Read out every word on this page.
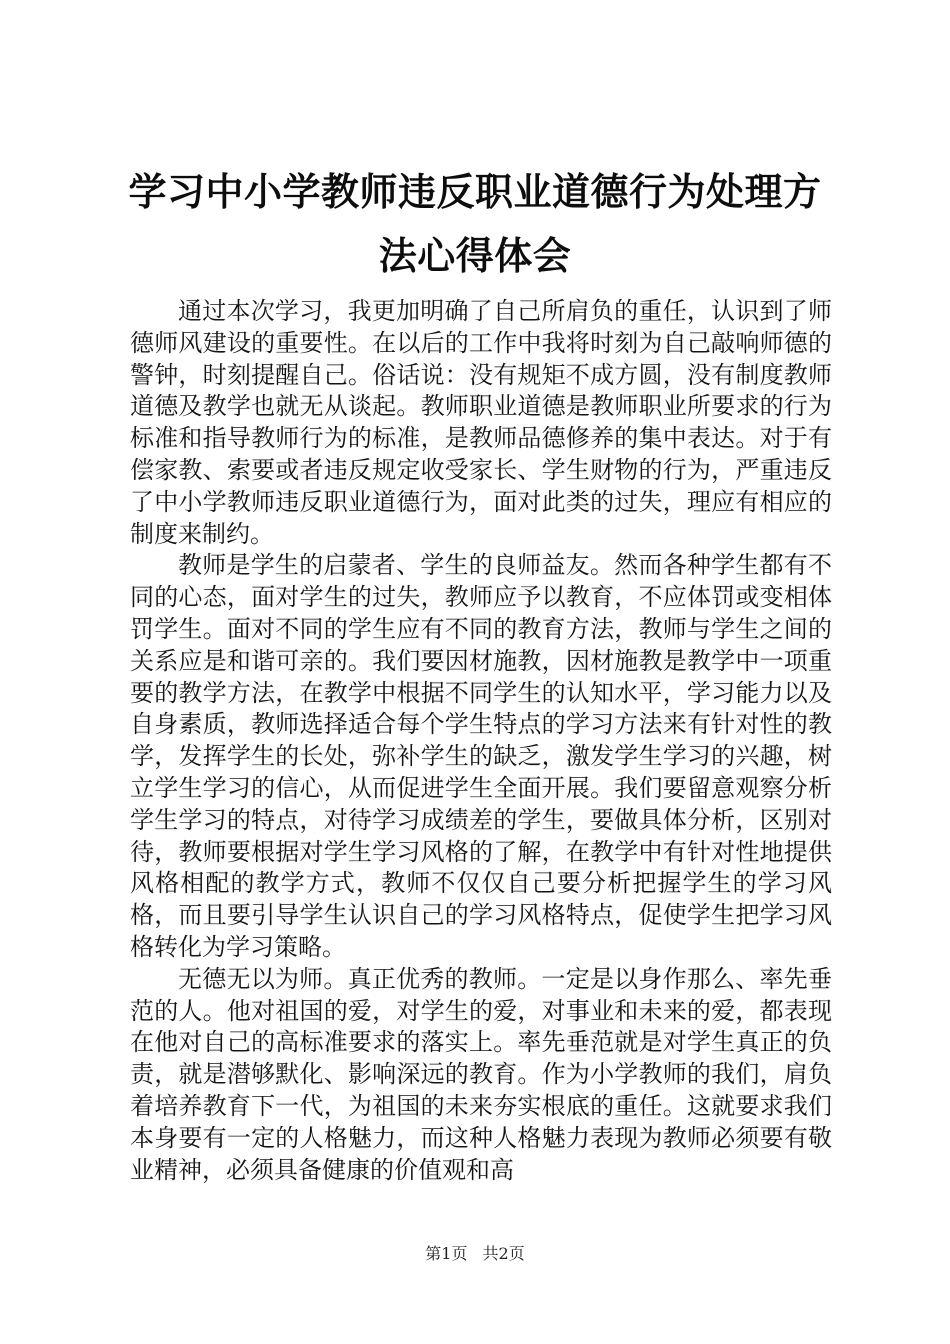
学习中小学教师违反职业道德行为处理方法心得体会

通过本次学习，我更加明确了自己所肩负的重任，认识到了师德师风建设的重要性。在以后的工作中我将时刻为自己敲响师德的警钟，时刻提醒自己。俗话说：没有规矩不成方圆，没有制度教师道德及教学也就无从谈起。教师职业道德是教师职业所要求的行为标准和指导教师行为的标准，是教师品德修养的集中表达。对于有偿家教、索要或者违反规定收受家长、学生财物的行为，严重违反了中小学教师违反职业道德行为，面对此类的过失，理应有相应的制度来制约。

教师是学生的启蒙者、学生的良师益友。然而各种学生都有不同的心态，面对学生的过失，教师应予以教育，不应体罚或变相体罚学生。面对不同的学生应有不同的教育方法，教师与学生之间的关系应是和谐可亲的。我们要因材施教，因材施教是教学中一项重要的教学方法，在教学中根据不同学生的认知水平，学习能力以及自身素质，教师选择适合每个学生特点的学习方法来有针对性的教学，发挥学生的长处，弥补学生的缺乏，激发学生学习的兴趣，树立学生学习的信心，从而促进学生全面开展。我们要留意观察分析学生学习的特点，对待学习成绩差的学生，要做具体分析，区别对待，教师要根据对学生学习风格的了解，在教学中有针对性地提供风格相配的教学方式，教师不仅仅自己要分析把握学生的学习风格，而且要引导学生认识自己的学习风格特点，促使学生把学习风格转化为学习策略。

无德无以为师。真正优秀的教师。一定是以身作那么、率先垂范的人。他对祖国的爱，对学生的爱，对事业和未来的爱，都表现在他对自己的高标准要求的落实上。率先垂范就是对学生真正的负责，就是潜够默化、影响深远的教育。作为小学教师的我们，肩负着培养教育下一代，为祖国的未来夯实根底的重任。这就要求我们本身要有一定的人格魅力，而这种人格魅力表现为教师必须要有敬业精神，必须具备健康的价值观和高

第1页 共2页
